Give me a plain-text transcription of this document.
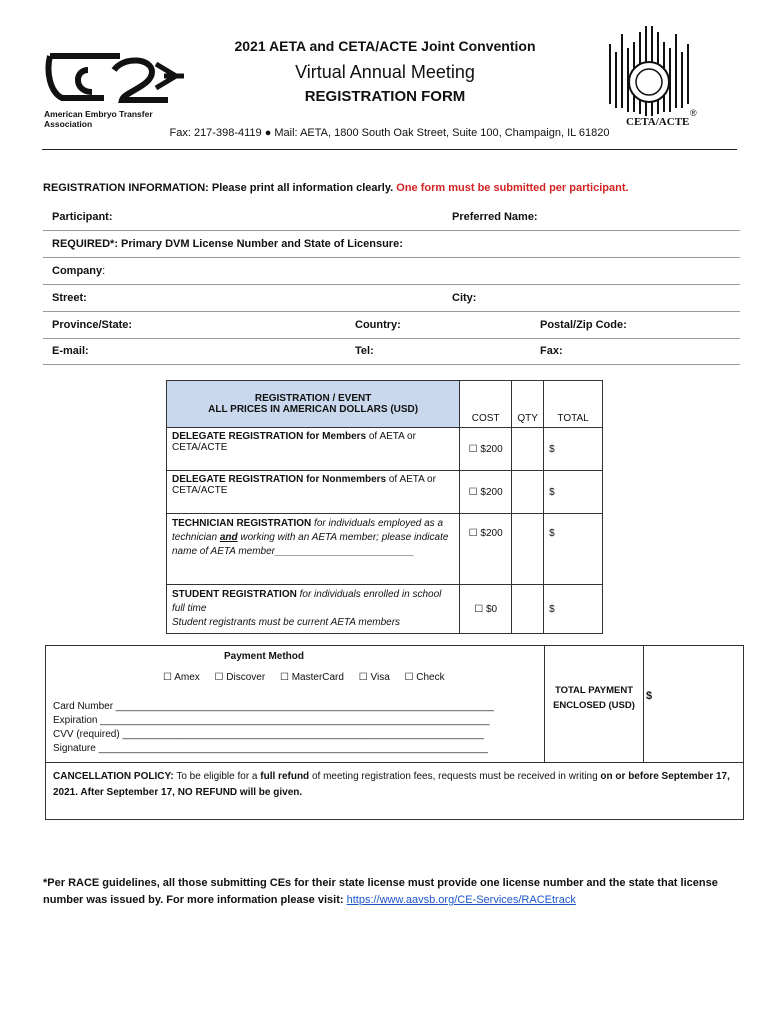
American Embryo Transfer Association	CETA/ACTE
®
2021 AETA and CETA/ACTE Joint Convention
Virtual Annual Meeting
REGISTRATION FORM
Fax: 217-398-4119 ● Mail: AETA, 1800 South Oak Street, Suite 100, Champaign, IL 61820
REGISTRATION INFORMATION: Please print all information clearly. One form must be submitted per participant.
Participant:	Preferred Name:
REQUIRED*: Primary DVM License Number and State of Licensure:
Company:
Street:	City:
Province/State:	Country:	Postal/Zip Code:
E-mail:	Tel:	Fax:
REGISTRATION / EVENT
ALL PRICES IN AMERICAN DOLLARS (USD)	COST	QTY	TOTAL
DELEGATE REGISTRATION for Members of AETA or CETA/ACTE	☐ $200		$
DELEGATE REGISTRATION for Nonmembers of AETA or CETA/ACTE	☐ $200		$
TECHNICIAN REGISTRATION for individuals employed as a technician and working with an AETA member; please indicate name of AETA member_________________________	☐ $200		$
STUDENT REGISTRATION for individuals enrolled in school full time
Student registrants must be current AETA members	☐ $0		$
Payment Method
☐ Amex ☐ Discover ☐ MasterCard ☐ Visa ☐ Check
Card Number ____________________________________________________________________
Expiration ______________________________________________________________________
CVV (required) _________________________________________________________________
Signature ______________________________________________________________________
TOTAL PAYMENT
ENCLOSED (USD)
$
CANCELLATION POLICY: To be eligible for a full refund of meeting registration fees, requests must be received in writing on or before September 17, 2021. After September 17, NO REFUND will be given.
*Per RACE guidelines, all those submitting CEs for their state license must provide one license number and the state that license number was issued by. For more information please visit: https://www.aavsb.org/CE-Services/RACEtrack
